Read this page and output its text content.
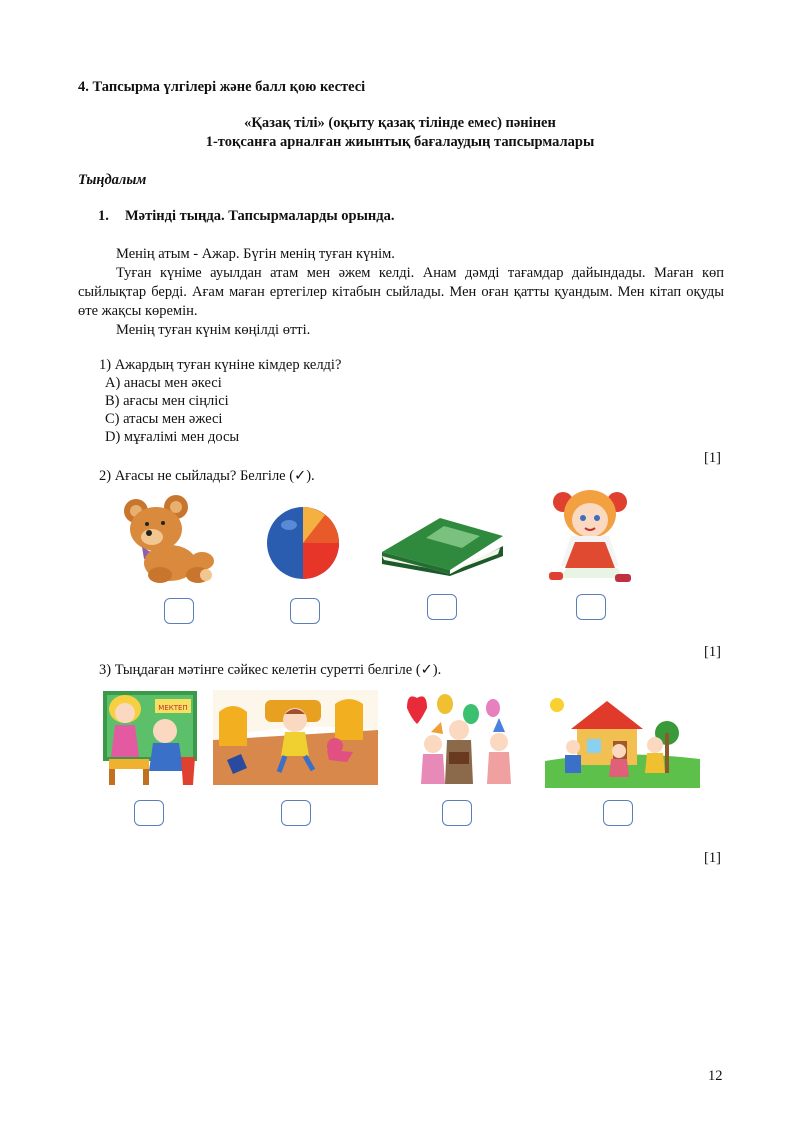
4. Тапсырма үлгілері және балл қою кестесі
«Қазақ тілі» (оқыту қазақ тілінде емес) пәнінен
1-тоқсанға арналған жиынтық бағалаудың тапсырмалары
Тыңдалым
1. Мәтінді тыңда. Тапсырмаларды орында.
Менің атым - Ажар. Бүгін менің туған күнім.
Туған күніме ауылдан атам мен әжем келді. Анам дәмді тағамдар дайындады. Маған көп сыйлықтар берді. Ағам маған ертегілер кітабын сыйлады. Мен оған қатты қуандым. Мен кітап оқуды өте жақсы көремін.
Менің туған күнім көңілді өтті.
1) Ажардың туған күніне кімдер келді?
A) анасы мен әкесі
B) ағасы мен сіңлісі
C) атасы мен әжесі
D) мұғалімі мен досы
[1]
2) Ағасы не сыйлады? Белгіле (✓).
[1]
3) Тыңдаған мәтінге сәйкес келетін суретті белгіле (✓).
МЕКТЕП
[1]
12
